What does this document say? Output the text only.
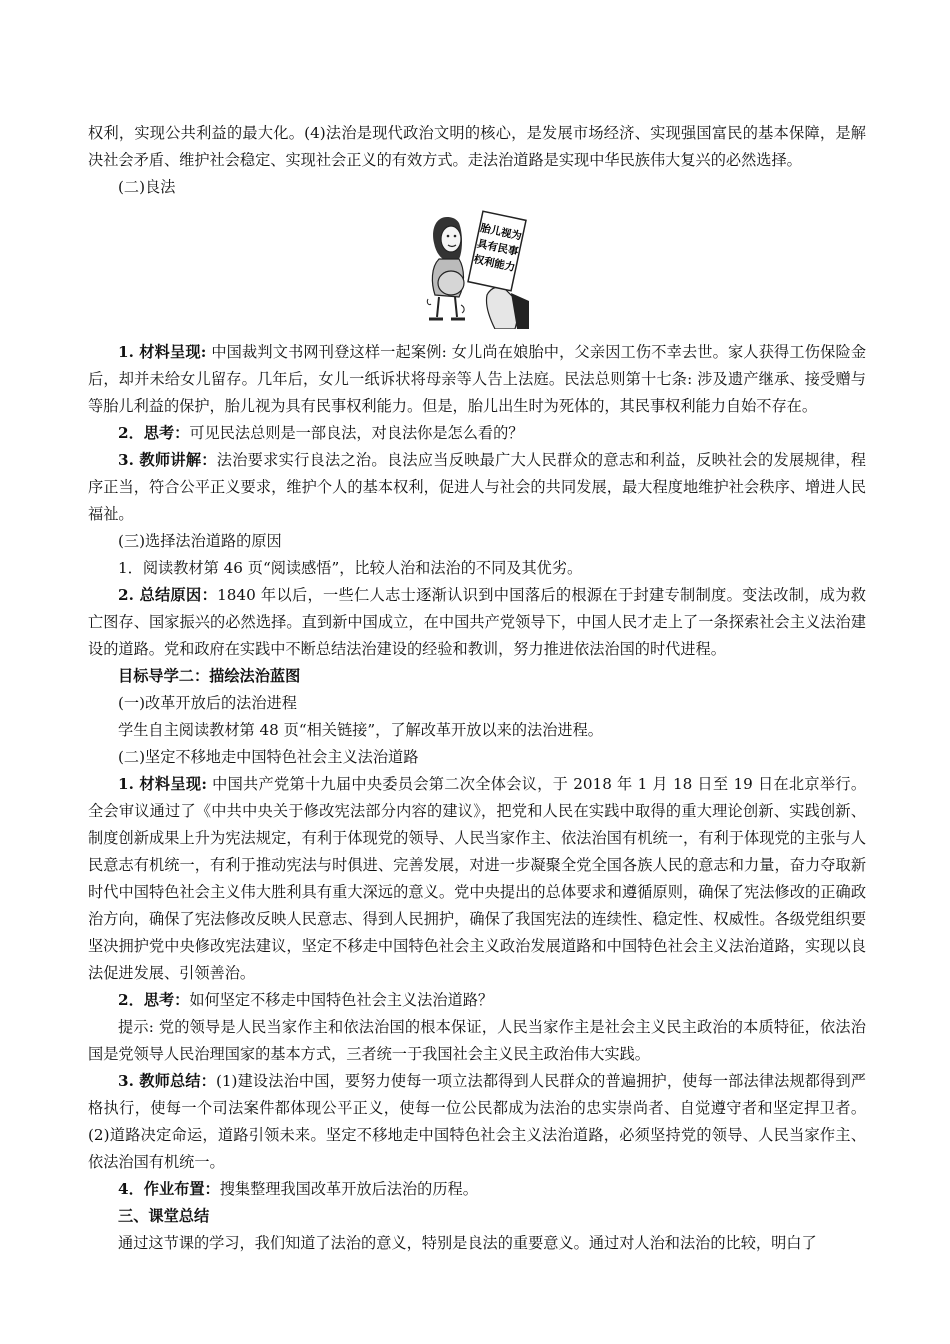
权利，实现公共利益的最大化。(4)法治是现代政治文明的核心，是发展市场经济、实现强国富民的基本保障，是解决社会矛盾、维护社会稳定、实现社会正义的有效方式。走法治道路是实现中华民族伟大复兴的必然选择。

(二)良法

胎儿视为
具有民事
权利能力

1. 材料呈现: 中国裁判文书网刊登这样一起案例: 女儿尚在娘胎中，父亲因工伤不幸去世。家人获得工伤保险金后，却并未给女儿留存。几年后，女儿一纸诉状将母亲等人告上法庭。民法总则第十七条: 涉及遗产继承、接受赠与等胎儿利益的保护，胎儿视为具有民事权利能力。但是，胎儿出生时为死体的，其民事权利能力自始不存在。

2．思考：可见民法总则是一部良法，对良法你是怎么看的？

3. 教师讲解：法治要求实行良法之治。良法应当反映最广大人民群众的意志和利益，反映社会的发展规律，程序正当，符合公平正义要求，维护个人的基本权利，促进人与社会的共同发展，最大程度地维护社会秩序、增进人民福祉。

(三)选择法治道路的原因

1．阅读教材第 46 页“阅读感悟”，比较人治和法治的不同及其优劣。

2. 总结原因：1840 年以后，一些仁人志士逐渐认识到中国落后的根源在于封建专制制度。变法改制，成为救亡图存、国家振兴的必然选择。直到新中国成立，在中国共产党领导下，中国人民才走上了一条探索社会主义法治建设的道路。党和政府在实践中不断总结法治建设的经验和教训，努力推进依法治国的时代进程。

目标导学二：描绘法治蓝图

(一)改革开放后的法治进程

学生自主阅读教材第 48 页“相关链接”，了解改革开放以来的法治进程。

(二)坚定不移地走中国特色社会主义法治道路

1. 材料呈现: 中国共产党第十九届中央委员会第二次全体会议，于 2018 年 1 月 18 日至 19 日在北京举行。全会审议通过了《中共中央关于修改宪法部分内容的建议》，把党和人民在实践中取得的重大理论创新、实践创新、制度创新成果上升为宪法规定，有利于体现党的领导、人民当家作主、依法治国有机统一，有利于体现党的主张与人民意志有机统一，有利于推动宪法与时俱进、完善发展，对进一步凝聚全党全国各族人民的意志和力量，奋力夺取新时代中国特色社会主义伟大胜利具有重大深远的意义。党中央提出的总体要求和遵循原则，确保了宪法修改的正确政治方向，确保了宪法修改反映人民意志、得到人民拥护，确保了我国宪法的连续性、稳定性、权威性。各级党组织要坚决拥护党中央修改宪法建议，坚定不移走中国特色社会主义政治发展道路和中国特色社会主义法治道路，实现以良法促进发展、引领善治。

2．思考：如何坚定不移走中国特色社会主义法治道路？

提示: 党的领导是人民当家作主和依法治国的根本保证，人民当家作主是社会主义民主政治的本质特征，依法治国是党领导人民治理国家的基本方式，三者统一于我国社会主义民主政治伟大实践。

3. 教师总结：(1)建设法治中国，要努力使每一项立法都得到人民群众的普遍拥护，使每一部法律法规都得到严格执行，使每一个司法案件都体现公平正义，使每一位公民都成为法治的忠实崇尚者、自觉遵守者和坚定捍卫者。(2)道路决定命运，道路引领未来。坚定不移地走中国特色社会主义法治道路，必须坚持党的领导、人民当家作主、依法治国有机统一。

4．作业布置：搜集整理我国改革开放后法治的历程。

三、课堂总结

通过这节课的学习，我们知道了法治的意义，特别是良法的重要意义。通过对人治和法治的比较，明白了
